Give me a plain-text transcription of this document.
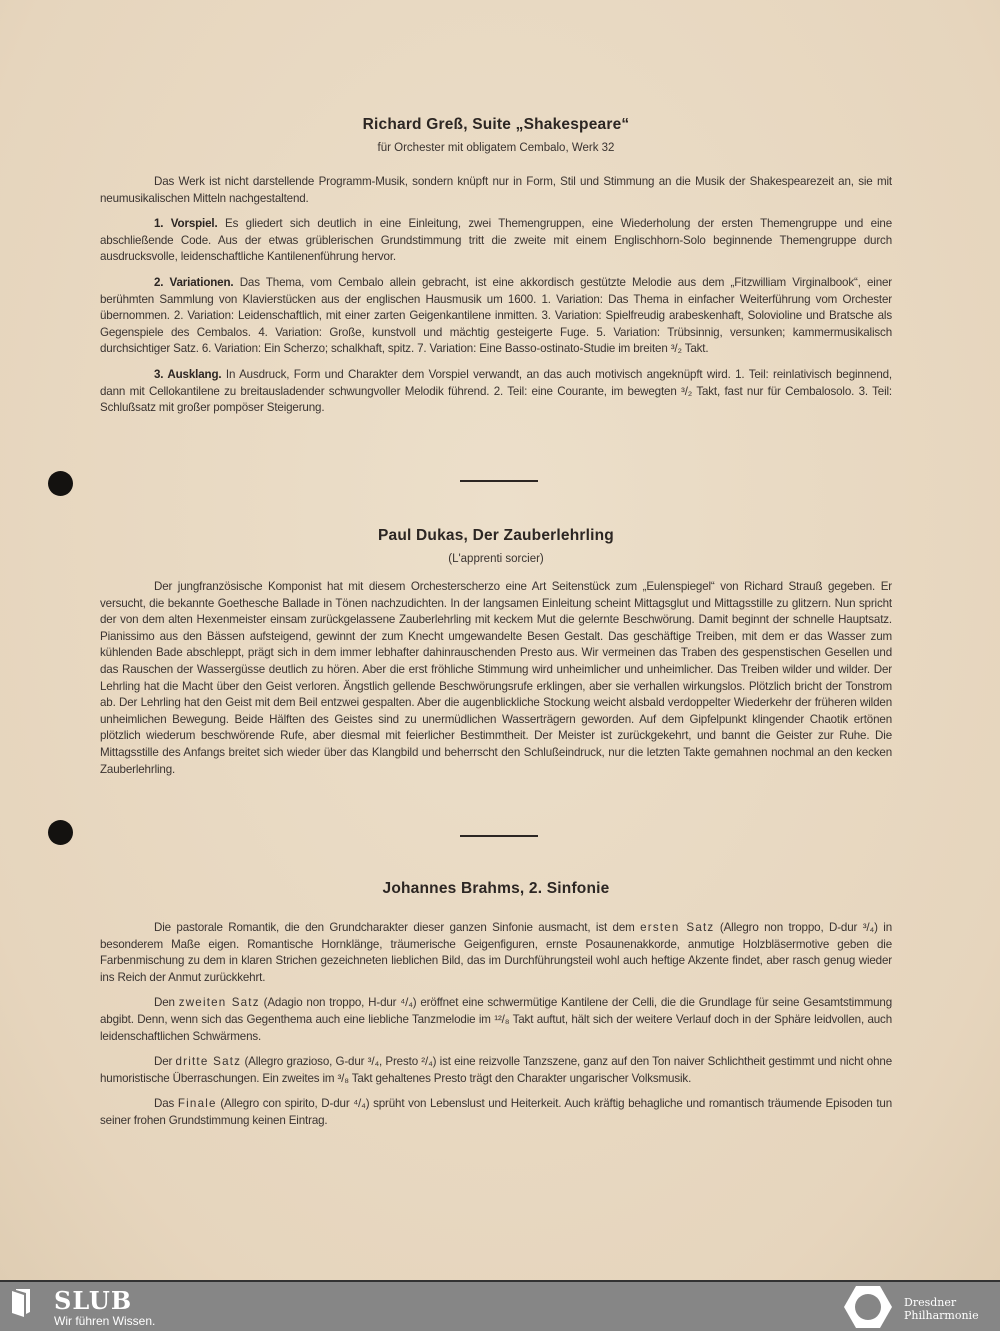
Richard Greß, Suite „Shakespeare“
für Orchester mit obligatem Cembalo, Werk 32

Das Werk ist nicht darstellende Programm-Musik, sondern knüpft nur in Form, Stil und Stimmung an die Musik der Shakespearezeit an, sie mit neumusikalischen Mitteln nachgestaltend.

1. Vorspiel. Es gliedert sich deutlich in eine Einleitung, zwei Themengruppen, eine Wiederholung der ersten Themengruppe und eine abschließende Code. Aus der etwas grüblerischen Grundstimmung tritt die zweite mit einem Englischhorn-Solo beginnende Themengruppe durch ausdrucksvolle, leidenschaftliche Kantilenenführung hervor.

2. Variationen. Das Thema, vom Cembalo allein gebracht, ist eine akkordisch gestützte Melodie aus dem „Fitzwilliam Virginalbook“, einer berühmten Sammlung von Klavierstücken aus der englischen Hausmusik um 1600. 1. Variation: Das Thema in einfacher Weiterführung vom Orchester übernommen. 2. Variation: Leidenschaftlich, mit einer zarten Geigenkantilene inmitten. 3. Variation: Spielfreudig arabeskenhaft, Solovioline und Bratsche als Gegenspiele des Cembalos. 4. Variation: Große, kunstvoll und mächtig gesteigerte Fuge. 5. Variation: Trübsinnig, versunken; kammermusikalisch durchsichtiger Satz. 6. Variation: Ein Scherzo; schalkhaft, spitz. 7. Variation: Eine Basso-ostinato-Studie im breiten ³/₂ Takt.

3. Ausklang. In Ausdruck, Form und Charakter dem Vorspiel verwandt, an das auch motivisch angeknüpft wird. 1. Teil: reinlativisch beginnend, dann mit Cellokantilene zu breitausladender schwungvoller Melodik führend. 2. Teil: eine Courante, im bewegten ³/₂ Takt, fast nur für Cembalosolo. 3. Teil: Schlußsatz mit großer pompöser Steigerung.

Paul Dukas, Der Zauberlehrling
(L'apprenti sorcier)

Der jungfranzösische Komponist hat mit diesem Orchesterscherzo eine Art Seitenstück zum „Eulenspiegel“ von Richard Strauß gegeben. Er versucht, die bekannte Goethesche Ballade in Tönen nachzudichten. In der langsamen Einleitung scheint Mittagsglut und Mittagsstille zu glitzern. Nun spricht der von dem alten Hexenmeister einsam zurückgelassene Zauberlehrling mit keckem Mut die gelernte Beschwörung. Damit beginnt der schnelle Hauptsatz. Pianissimo aus den Bässen aufsteigend, gewinnt der zum Knecht umgewandelte Besen Gestalt. Das geschäftige Treiben, mit dem er das Wasser zum kühlenden Bade abschleppt, prägt sich in dem immer lebhafter dahinrauschenden Presto aus. Wir vermeinen das Traben des gespenstischen Gesellen und das Rauschen der Wassergüsse deutlich zu hören. Aber die erst fröhliche Stimmung wird unheimlicher und unheimlicher. Das Treiben wilder und wilder. Der Lehrling hat die Macht über den Geist verloren. Ängstlich gellende Beschwörungsrufe erklingen, aber sie verhallen wirkungslos. Plötzlich bricht der Tonstrom ab. Der Lehrling hat den Geist mit dem Beil entzwei gespalten. Aber die augenblickliche Stockung weicht alsbald verdoppelter Wiederkehr der früheren wilden unheimlichen Bewegung. Beide Hälften des Geistes sind zu unermüdlichen Wasserträgern geworden. Auf dem Gipfelpunkt klingender Chaotik ertönen plötzlich wiederum beschwörende Rufe, aber diesmal mit feierlicher Bestimmtheit. Der Meister ist zurückgekehrt, und bannt die Geister zur Ruhe. Die Mittagsstille des Anfangs breitet sich wieder über das Klangbild und beherrscht den Schlußeindruck, nur die letzten Takte gemahnen nochmal an den kecken Zauberlehrling.

Johannes Brahms, 2. Sinfonie

Die pastorale Romantik, die den Grundcharakter dieser ganzen Sinfonie ausmacht, ist dem ersten Satz (Allegro non troppo, D-dur ³/₄) in besonderem Maße eigen. Romantische Hornklänge, träumerische Geigenfiguren, ernste Posaunenakkorde, anmutige Holzbläsermotive geben die Farbenmischung zu dem in klaren Strichen gezeichneten lieblichen Bild, das im Durchführungsteil wohl auch heftige Akzente findet, aber rasch genug wieder ins Reich der Anmut zurückkehrt.

Den zweiten Satz (Adagio non troppo, H-dur ⁴/₄) eröffnet eine schwermütige Kantilene der Celli, die die Grundlage für seine Gesamtstimmung abgibt. Denn, wenn sich das Gegenthema auch eine liebliche Tanzmelodie im ¹²/₈ Takt auftut, hält sich der weitere Verlauf doch in der Sphäre leidvollen, auch leidenschaftlichen Schwärmens.

Der dritte Satz (Allegro grazioso, G-dur ³/₄, Presto ²/₄) ist eine reizvolle Tanzszene, ganz auf den Ton naiver Schlichtheit gestimmt und nicht ohne humoristische Überraschungen. Ein zweites im ³/₈ Takt gehaltenes Presto trägt den Charakter ungarischer Volksmusik.

Das Finale (Allegro con spirito, D-dur ⁴/₄) sprüht von Lebenslust und Heiterkeit. Auch kräftig behagliche und romantisch träumende Episoden tun seiner frohen Grundstimmung keinen Eintrag.

SLUB
Wir führen Wissen.
Dresdner
Philharmonie
